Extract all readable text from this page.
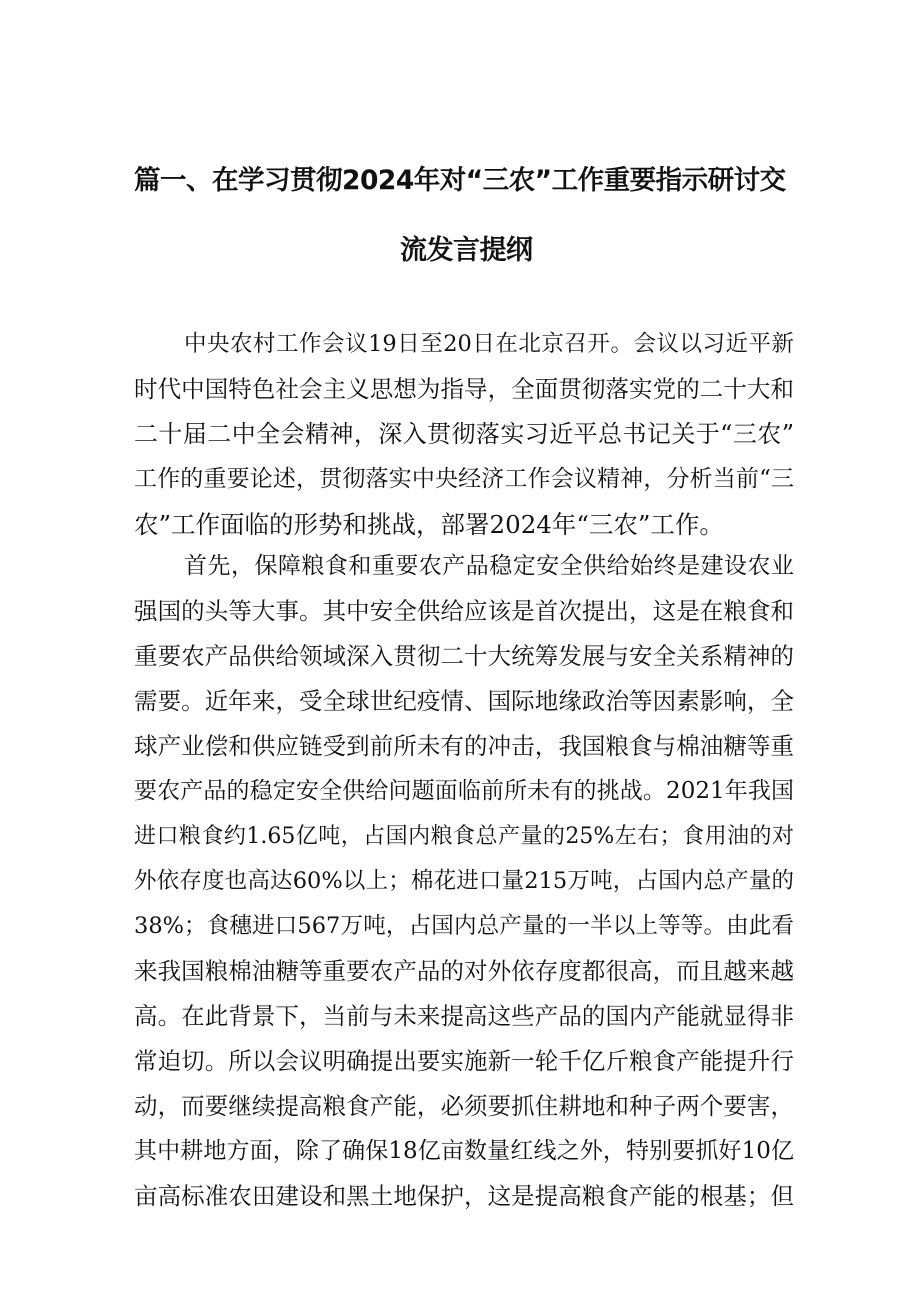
篇一、在学习贯彻2024年对“三农”工作重要指示研讨交
流发言提纲
中央农村工作会议19日至20日在北京召开。会议以习近平新
时代中国特色社会主义思想为指导，全面贯彻落实党的二十大和
二十届二中全会精神，深入贯彻落实习近平总书记关于“三农”
工作的重要论述，贯彻落实中央经济工作会议精神，分析当前“三
农”工作面临的形势和挑战，部署2024年“三农”工作。
首先，保障粮食和重要农产品稳定安全供给始终是建设农业
强国的头等大事。其中安全供给应该是首次提出，这是在粮食和
重要农产品供给领域深入贯彻二十大统筹发展与安全关系精神的
需要。近年来，受全球世纪疫情、国际地缘政治等因素影响，全
球产业偿和供应链受到前所未有的冲击，我国粮食与棉油糖等重
要农产品的稳定安全供给问题面临前所未有的挑战。2021年我国
进口粮食约1.65亿吨，占国内粮食总产量的25%左右；食用油的对
外依存度也高达60%以上；棉花进口量215万吨，占国内总产量的
38%；食穗进口567万吨，占国内总产量的一半以上等等。由此看
来我国粮棉油糖等重要农产品的对外依存度都很高，而且越来越
高。在此背景下，当前与未来提高这些产品的国内产能就显得非
常迫切。所以会议明确提出要实施新一轮千亿斤粮食产能提升行
动，而要继续提高粮食产能，必须要抓住耕地和种子两个要害，
其中耕地方面，除了确保18亿亩数量红线之外，特别要抓好10亿
亩高标准农田建设和黑土地保护，这是提高粮食产能的根基；但
